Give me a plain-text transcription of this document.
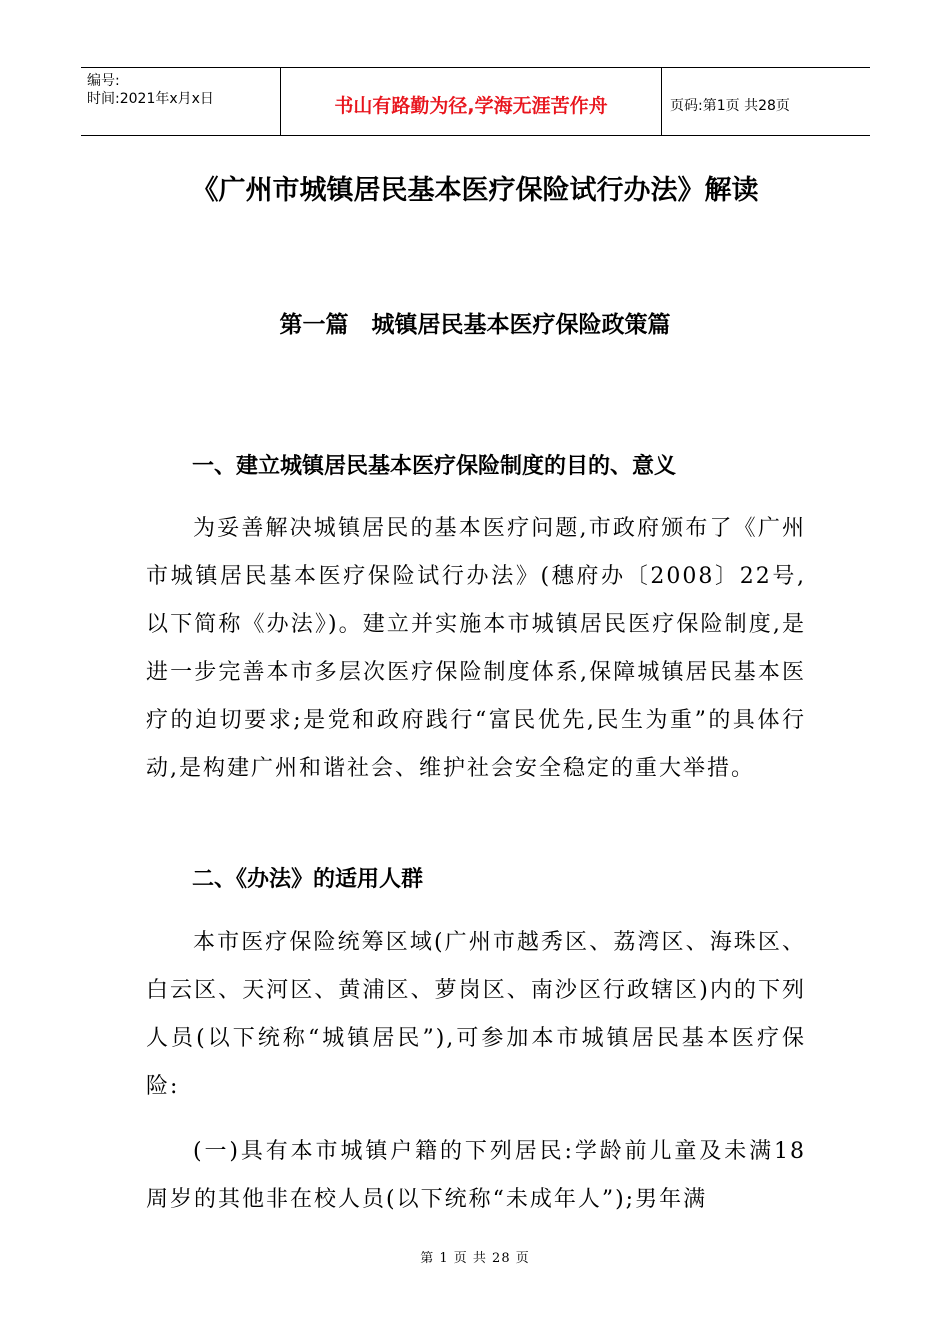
编号:
时间:2021年x月x日	书山有路勤为径,学海无涯苦作舟	页码:第1页 共28页
《广州市城镇居民基本医疗保险试行办法》解读
第一篇　城镇居民基本医疗保险政策篇
一、建立城镇居民基本医疗保险制度的目的、意义
为妥善解决城镇居民的基本医疗问题,市政府颁布了《广州市城镇居民基本医疗保险试行办法》(穗府办〔2008〕22号,以下简称《办法》)。建立并实施本市城镇居民医疗保险制度,是进一步完善本市多层次医疗保险制度体系,保障城镇居民基本医疗的迫切要求;是党和政府践行“富民优先,民生为重”的具体行动,是构建广州和谐社会、维护社会安全稳定的重大举措。
二、《办法》的适用人群
本市医疗保险统筹区域(广州市越秀区、荔湾区、海珠区、白云区、天河区、黄浦区、萝岗区、南沙区行政辖区)内的下列人员(以下统称“城镇居民”),可参加本市城镇居民基本医疗保险:
(一)具有本市城镇户籍的下列居民:学龄前儿童及未满18周岁的其他非在校人员(以下统称“未成年人”);男年满
第 1 页 共 28 页
